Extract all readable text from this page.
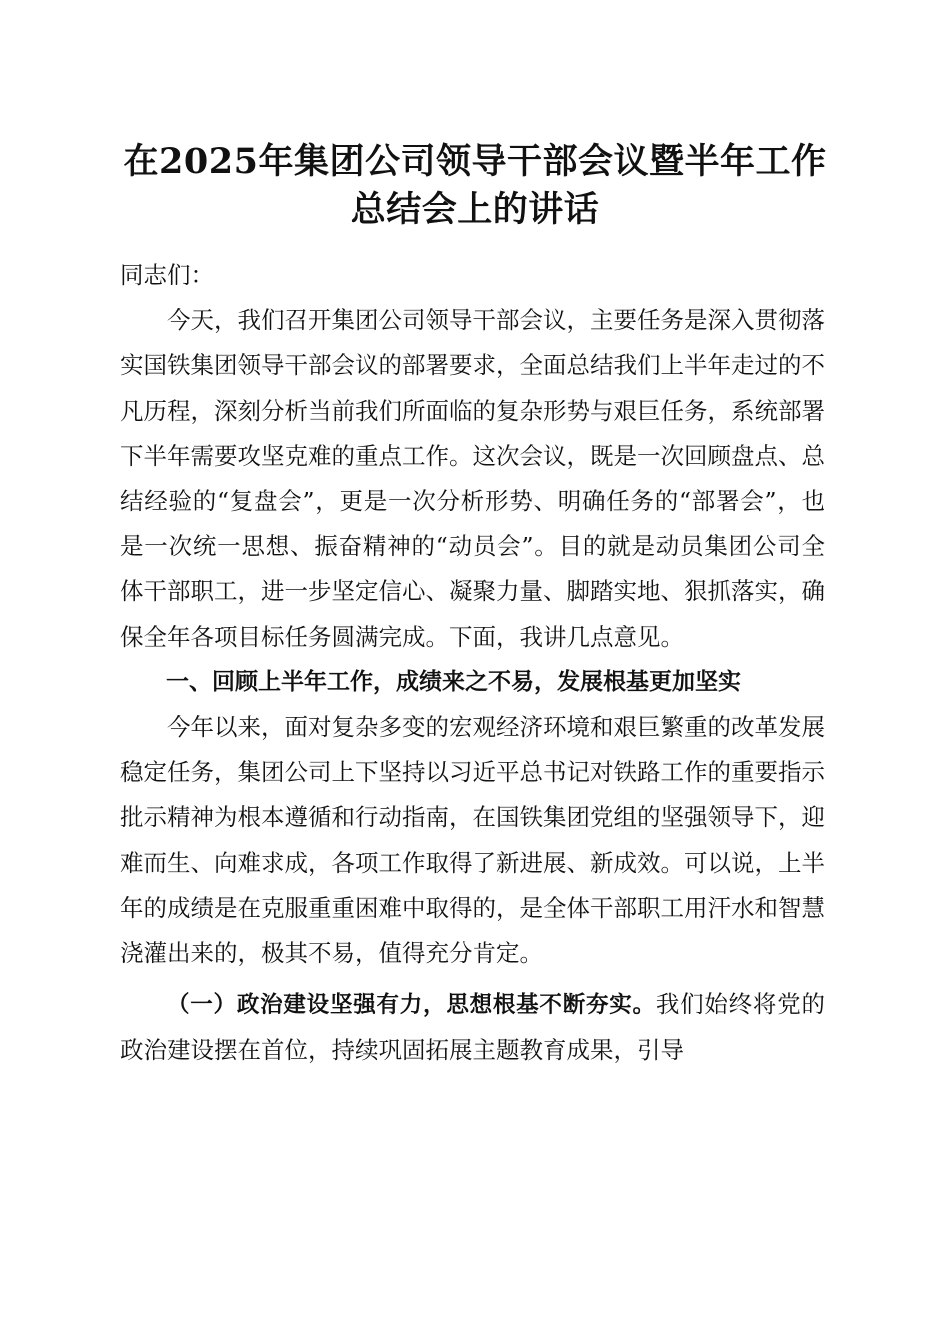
在2025年集团公司领导干部会议暨半年工作
总结会上的讲话

同志们：

今天，我们召开集团公司领导干部会议，主要任务是深入贯彻落实国铁集团领导干部会议的部署要求，全面总结我们上半年走过的不凡历程，深刻分析当前我们所面临的复杂形势与艰巨任务，系统部署下半年需要攻坚克难的重点工作。这次会议，既是一次回顾盘点、总结经验的“复盘会”，更是一次分析形势、明确任务的“部署会”，也是一次统一思想、振奋精神的“动员会”。目的就是动员集团公司全体干部职工，进一步坚定信心、凝聚力量、脚踏实地、狠抓落实，确保全年各项目标任务圆满完成。下面，我讲几点意见。

一、回顾上半年工作，成绩来之不易，发展根基更加坚实

今年以来，面对复杂多变的宏观经济环境和艰巨繁重的改革发展稳定任务，集团公司上下坚持以习近平总书记对铁路工作的重要指示批示精神为根本遵循和行动指南，在国铁集团党组的坚强领导下，迎难而生、向难求成，各项工作取得了新进展、新成效。可以说，上半年的成绩是在克服重重困难中取得的，是全体干部职工用汗水和智慧浇灌出来的，极其不易，值得充分肯定。

（一）政治建设坚强有力，思想根基不断夯实。我们始终将党的政治建设摆在首位，持续巩固拓展主题教育成果，引导
